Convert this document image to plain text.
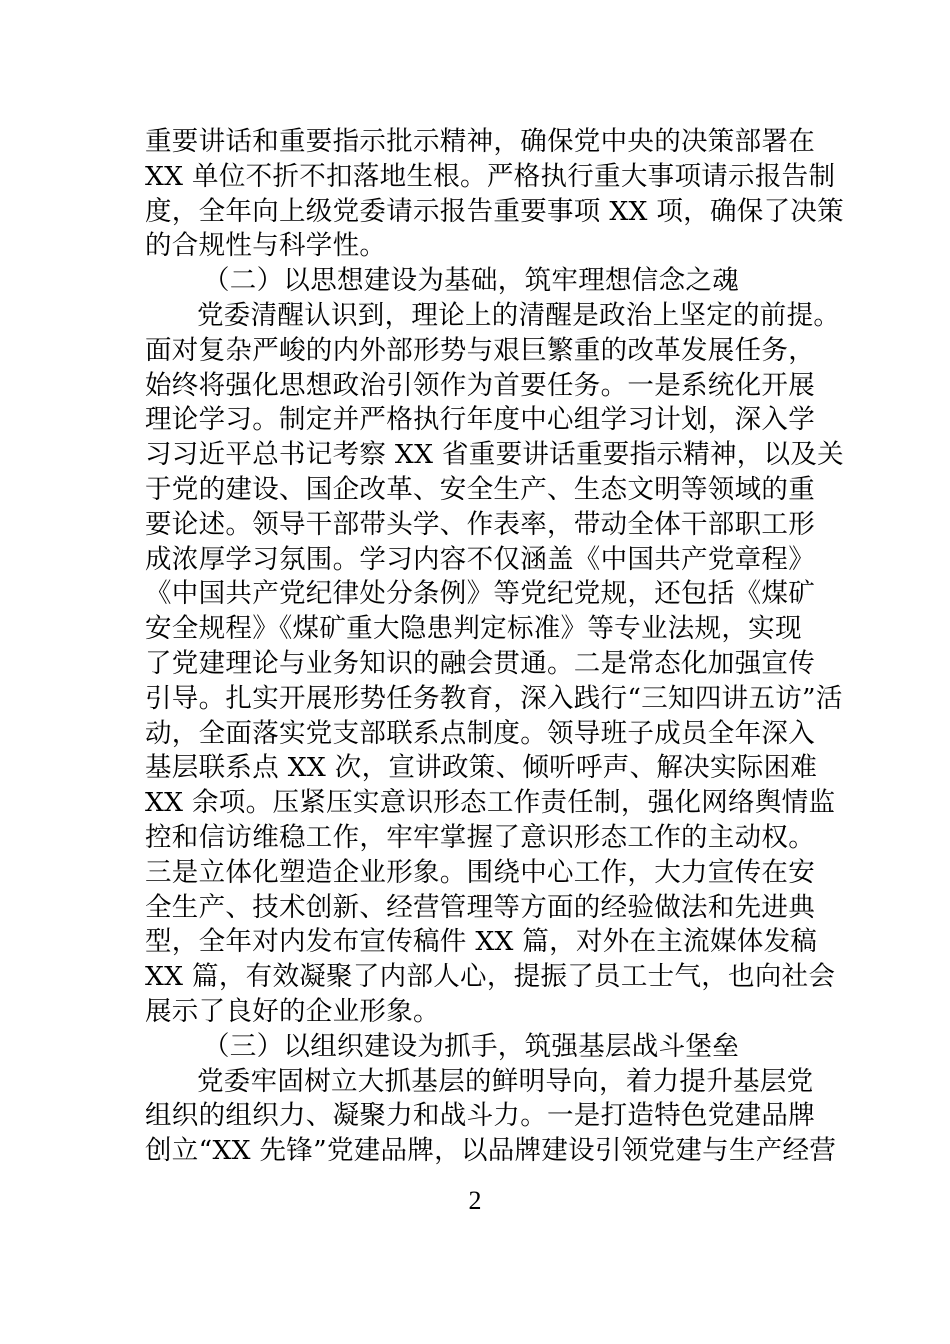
重要讲话和重要指示批示精神，确保党中央的决策部署在
XX 单位不折不扣落地生根。严格执行重大事项请示报告制
度，全年向上级党委请示报告重要事项 XX 项，确保了决策
的合规性与科学性。
（二）以思想建设为基础，筑牢理想信念之魂
党委清醒认识到，理论上的清醒是政治上坚定的前提。
面对复杂严峻的内外部形势与艰巨繁重的改革发展任务，
始终将强化思想政治引领作为首要任务。一是系统化开展
理论学习。制定并严格执行年度中心组学习计划，深入学
习习近平总书记考察 XX 省重要讲话重要指示精神，以及关
于党的建设、国企改革、安全生产、生态文明等领域的重
要论述。领导干部带头学、作表率，带动全体干部职工形
成浓厚学习氛围。学习内容不仅涵盖《中国共产党章程》
《中国共产党纪律处分条例》等党纪党规，还包括《煤矿
安全规程》《煤矿重大隐患判定标准》等专业法规，实现
了党建理论与业务知识的融会贯通。二是常态化加强宣传
引导。扎实开展形势任务教育，深入践行“三知四讲五访”活
动，全面落实党支部联系点制度。领导班子成员全年深入
基层联系点 XX 次，宣讲政策、倾听呼声、解决实际困难
XX 余项。压紧压实意识形态工作责任制，强化网络舆情监
控和信访维稳工作，牢牢掌握了意识形态工作的主动权。
三是立体化塑造企业形象。围绕中心工作，大力宣传在安
全生产、技术创新、经营管理等方面的经验做法和先进典
型，全年对内发布宣传稿件 XX 篇，对外在主流媒体发稿
XX 篇，有效凝聚了内部人心，提振了员工士气，也向社会
展示了良好的企业形象。
（三）以组织建设为抓手，筑强基层战斗堡垒
党委牢固树立大抓基层的鲜明导向，着力提升基层党
组织的组织力、凝聚力和战斗力。一是打造特色党建品牌
创立“XX 先锋”党建品牌，以品牌建设引领党建与生产经营
2
